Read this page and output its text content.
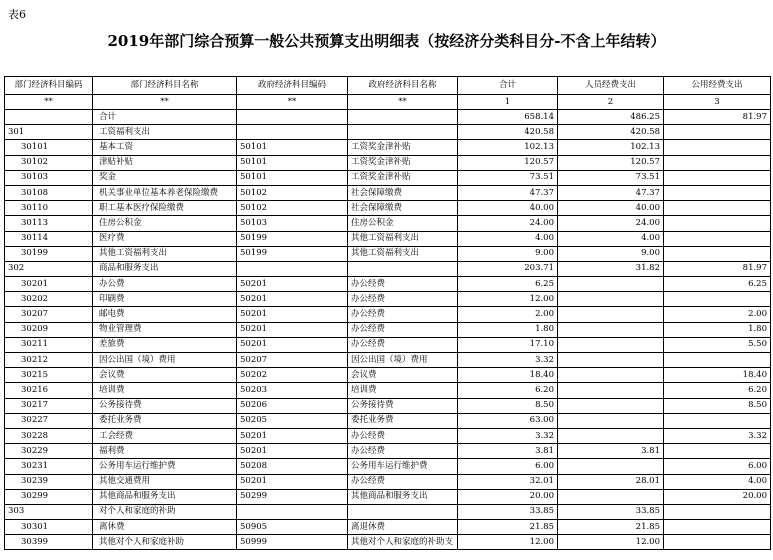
表6
2019年部门综合预算一般公共预算支出明细表（按经济分类科目分-不含上年结转）
部门经济科目编码	部门经济科目名称	政府经济科目编码	政府经济科目名称	合计	人员经费支出	公用经费支出
**	**	**	**	1	2	3
	合计			658.14	486.25	81.97
301	工资福利支出			420.58	420.58	
30101	基本工资	50101	工资奖金津补贴	102.13	102.13	
30102	津贴补贴	50101	工资奖金津补贴	120.57	120.57	
30103	奖金	50101	工资奖金津补贴	73.51	73.51	
30108	机关事业单位基本养老保险缴费	50102	社会保障缴费	47.37	47.37	
30110	职工基本医疗保险缴费	50102	社会保障缴费	40.00	40.00	
30113	住房公积金	50103	住房公积金	24.00	24.00	
30114	医疗费	50199	其他工资福利支出	4.00	4.00	
30199	其他工资福利支出	50199	其他工资福利支出	9.00	9.00	
302	商品和服务支出			203.71	31.82	81.97
30201	办公费	50201	办公经费	6.25		6.25
30202	印刷费	50201	办公经费	12.00		
30207	邮电费	50201	办公经费	2.00		2.00
30209	物业管理费	50201	办公经费	1.80		1.80
30211	差旅费	50201	办公经费	17.10		5.50
30212	因公出国（境）费用	50207	因公出国（境）费用	3.32		
30215	会议费	50202	会议费	18.40		18.40
30216	培训费	50203	培训费	6.20		6.20
30217	公务接待费	50206	公务接待费	8.50		8.50
30227	委托业务费	50205	委托业务费	63.00		
30228	工会经费	50201	办公经费	3.32		3.32
30229	福利费	50201	办公经费	3.81	3.81	
30231	公务用车运行维护费	50208	公务用车运行维护费	6.00		6.00
30239	其他交通费用	50201	办公经费	32.01	28.01	4.00
30299	其他商品和服务支出	50299	其他商品和服务支出	20.00		20.00
303	对个人和家庭的补助			33.85	33.85	
30301	离休费	50905	离退休费	21.85	21.85	
30399	其他对个人和家庭补助	50999	其他对个人和家庭的补助支	12.00	12.00	
